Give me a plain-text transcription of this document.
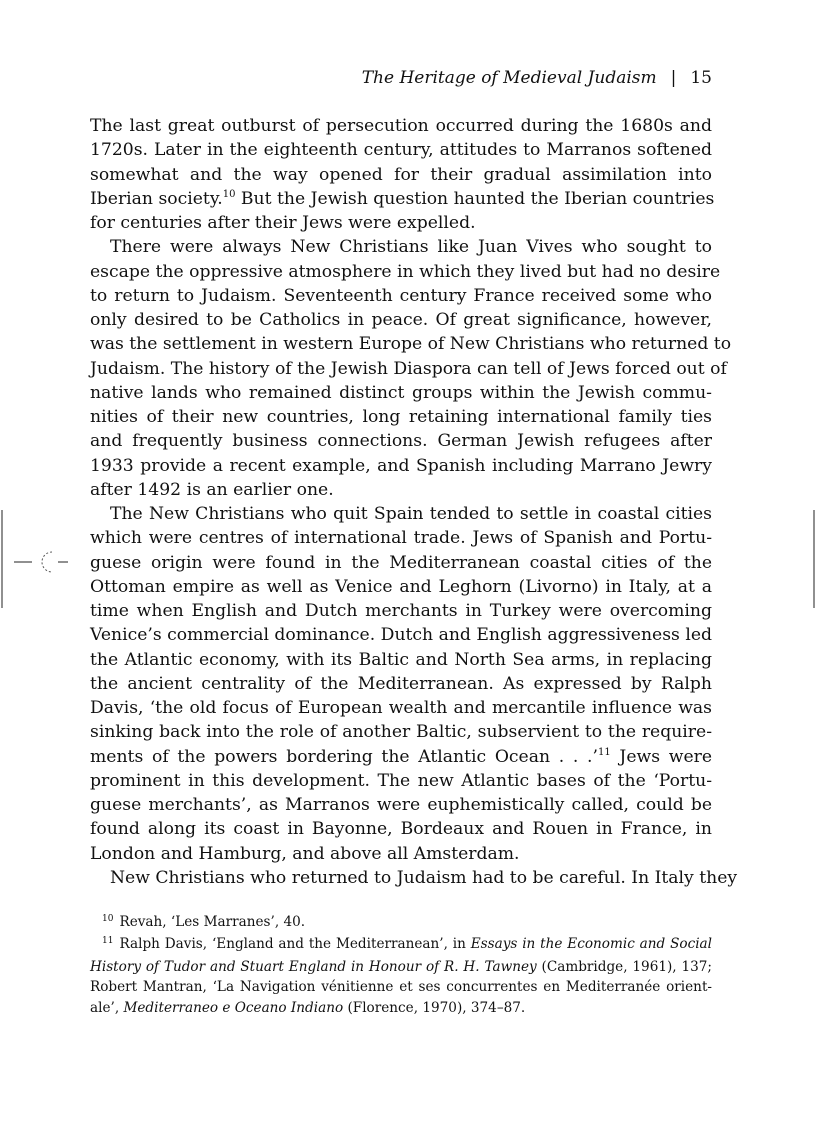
The Heritage of Medieval Judaism | 15
The last great outburst of persecution occurred during the 1680s and
1720s. Later in the eighteenth century, attitudes to Marranos softened
somewhat and the way opened for their gradual assimilation into
Iberian society.$^{10}$ But the Jewish question haunted the Iberian countries
for centuries after their Jews were expelled.
There were always New Christians like Juan Vives who sought to
escape the oppressive atmosphere in which they lived but had no desire
to return to Judaism. Seventeenth century France received some who
only desired to be Catholics in peace. Of great significance, however,
was the settlement in western Europe of New Christians who returned to
Judaism. The history of the Jewish Diaspora can tell of Jews forced out of
native lands who remained distinct groups within the Jewish commu-
nities of their new countries, long retaining international family ties
and frequently business connections. German Jewish refugees after
1933 provide a recent example, and Spanish including Marrano Jewry
after 1492 is an earlier one.
The New Christians who quit Spain tended to settle in coastal cities
which were centres of international trade. Jews of Spanish and Portu-
guese origin were found in the Mediterranean coastal cities of the
Ottoman empire as well as Venice and Leghorn (Livorno) in Italy, at a
time when English and Dutch merchants in Turkey were overcoming
Venice’s commercial dominance. Dutch and English aggressiveness led
the Atlantic economy, with its Baltic and North Sea arms, in replacing
the ancient centrality of the Mediterranean. As expressed by Ralph
Davis, ‘the old focus of European wealth and mercantile influence was
sinking back into the role of another Baltic, subservient to the require-
ments of the powers bordering the Atlantic Ocean . . .’$^{11}$ Jews were
prominent in this development. The new Atlantic bases of the ‘Portu-
guese merchants’, as Marranos were euphemistically called, could be
found along its coast in Bayonne, Bordeaux and Rouen in France, in
London and Hamburg, and above all Amsterdam.
New Christians who returned to Judaism had to be careful. In Italy they
$^{10}$ Revah, ‘Les Marranes’, 40.
$^{11}$ Ralph Davis, ‘England and the Mediterranean’, in Essays in the Economic and Social
History of Tudor and Stuart England in Honour of R. H. Tawney (Cambridge, 1961), 137;
Robert Mantran, ‘La Navigation vénitienne et ses concurrentes en Mediterranée orient-
ale’, Mediterraneo e Oceano Indiano (Florence, 1970), 374–87.
